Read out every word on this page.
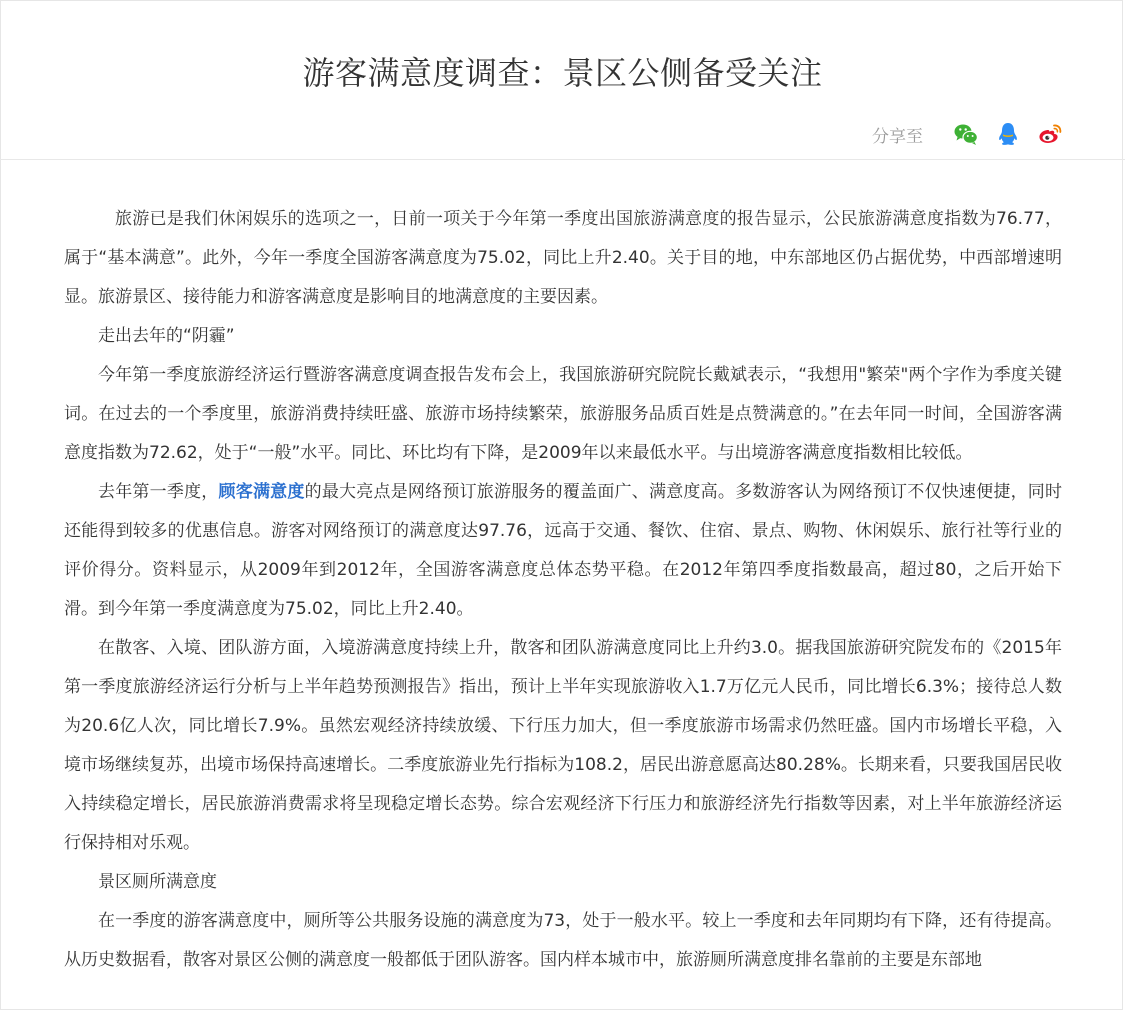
游客满意度调查：景区公侧备受关注
分享至

旅游已是我们休闲娱乐的选项之一，日前一项关于今年第一季度出国旅游满意度的报告显示，公民旅游满意度指数为76.77，属于“基本满意”。此外，今年一季度全国游客满意度为75.02，同比上升2.40。关于目的地，中东部地区仍占据优势，中西部增速明显。旅游景区、接待能力和游客满意度是影响目的地满意度的主要因素。

走出去年的“阴霾”

今年第一季度旅游经济运行暨游客满意度调查报告发布会上，我国旅游研究院院长戴斌表示，“我想用"繁荣"两个字作为季度关键词。在过去的一个季度里，旅游消费持续旺盛、旅游市场持续繁荣，旅游服务品质百姓是点赞满意的。”在去年同一时间，全国游客满意度指数为72.62，处于“一般”水平。同比、环比均有下降，是2009年以来最低水平。与出境游客满意度指数相比较低。

去年第一季度，顾客满意度的最大亮点是网络预订旅游服务的覆盖面广、满意度高。多数游客认为网络预订不仅快速便捷，同时还能得到较多的优惠信息。游客对网络预订的满意度达97.76，远高于交通、餐饮、住宿、景点、购物、休闲娱乐、旅行社等行业的评价得分。资料显示，从2009年到2012年，全国游客满意度总体态势平稳。在2012年第四季度指数最高，超过80，之后开始下滑。到今年第一季度满意度为75.02，同比上升2.40。

在散客、入境、团队游方面，入境游满意度持续上升，散客和团队游满意度同比上升约3.0。据我国旅游研究院发布的《2015年第一季度旅游经济运行分析与上半年趋势预测报告》指出，预计上半年实现旅游收入1.7万亿元人民币，同比增长6.3%；接待总人数为20.6亿人次，同比增长7.9%。虽然宏观经济持续放缓、下行压力加大，但一季度旅游市场需求仍然旺盛。国内市场增长平稳，入境市场继续复苏，出境市场保持高速增长。二季度旅游业先行指标为108.2，居民出游意愿高达80.28%。长期来看，只要我国居民收入持续稳定增长，居民旅游消费需求将呈现稳定增长态势。综合宏观经济下行压力和旅游经济先行指数等因素，对上半年旅游经济运行保持相对乐观。

景区厕所满意度

在一季度的游客满意度中，厕所等公共服务设施的满意度为73，处于一般水平。较上一季度和去年同期均有下降，还有待提高。从历史数据看，散客对景区公侧的满意度一般都低于团队游客。国内样本城市中，旅游厕所满意度排名靠前的主要是东部地
